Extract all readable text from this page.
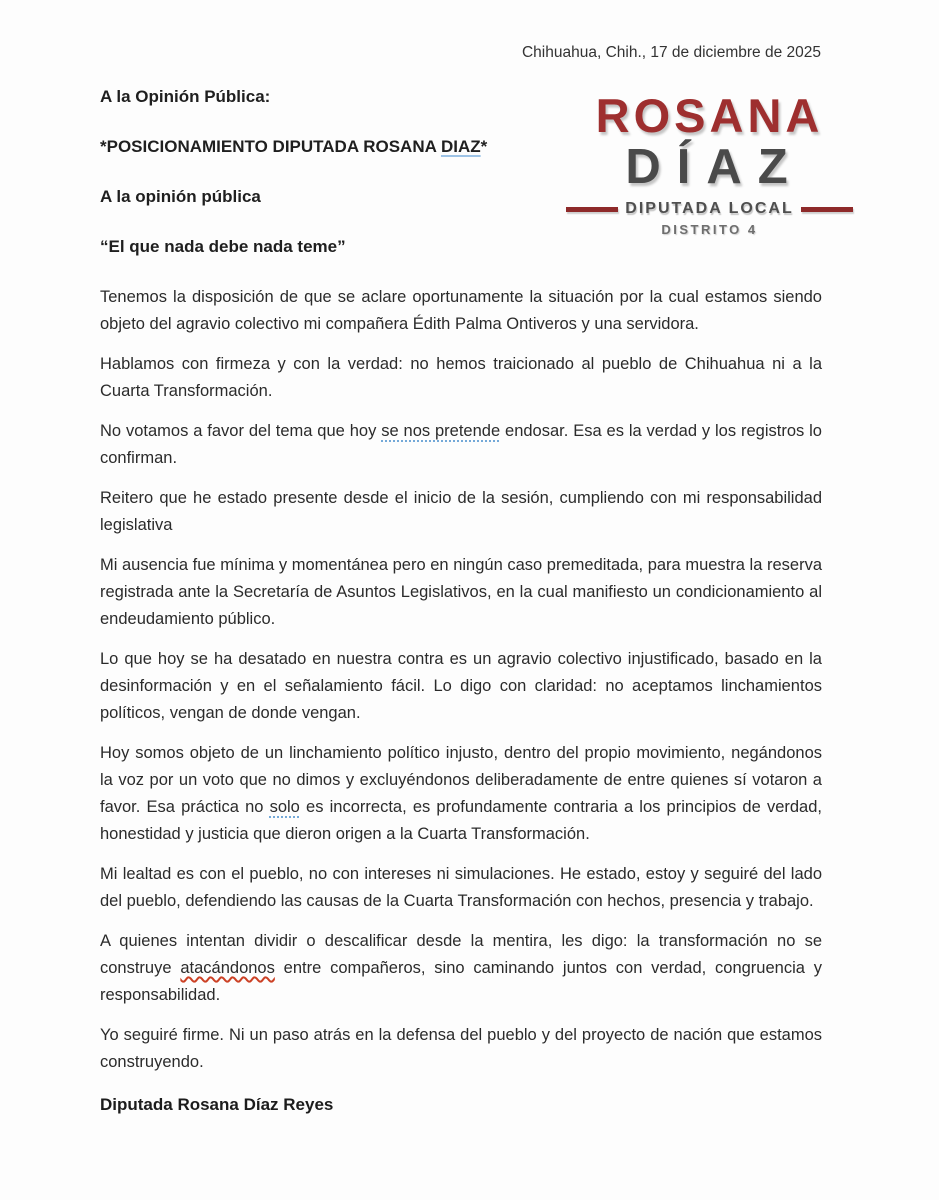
Chihuahua, Chih., 17 de diciembre de 2025
A la Opinión Pública:
*POSICIONAMIENTO DIPUTADA ROSANA DIAZ*
A la opinión pública
“El que nada debe nada teme”
ROSANA
DÍAZ
DIPUTADA LOCAL
DISTRITO 4

Tenemos la disposición de que se aclare oportunamente la situación por la cual estamos siendo objeto del agravio colectivo mi compañera Édith Palma Ontiveros y una servidora.

Hablamos con firmeza y con la verdad: no hemos traicionado al pueblo de Chihuahua ni a la Cuarta Transformación.

No votamos a favor del tema que hoy se nos pretende endosar. Esa es la verdad y los registros lo confirman.

Reitero que he estado presente desde el inicio de la sesión, cumpliendo con mi responsabilidad legislativa

Mi ausencia fue mínima y momentánea pero en ningún caso premeditada, para muestra la reserva registrada ante la Secretaría de Asuntos Legislativos, en la cual manifiesto un condicionamiento al endeudamiento público.

Lo que hoy se ha desatado en nuestra contra es un agravio colectivo injustificado, basado en la desinformación y en el señalamiento fácil. Lo digo con claridad: no aceptamos linchamientos políticos, vengan de donde vengan.

Hoy somos objeto de un linchamiento político injusto, dentro del propio movimiento, negándonos la voz por un voto que no dimos y excluyéndonos deliberadamente de entre quienes sí votaron a favor. Esa práctica no solo es incorrecta, es profundamente contraria a los principios de verdad, honestidad y justicia que dieron origen a la Cuarta Transformación.

Mi lealtad es con el pueblo, no con intereses ni simulaciones. He estado, estoy y seguiré del lado del pueblo, defendiendo las causas de la Cuarta Transformación con hechos, presencia y trabajo.

A quienes intentan dividir o descalificar desde la mentira, les digo: la transformación no se construye atacándonos entre compañeros, sino caminando juntos con verdad, congruencia y responsabilidad.

Yo seguiré firme. Ni un paso atrás en la defensa del pueblo y del proyecto de nación que estamos construyendo.

Diputada Rosana Díaz Reyes
